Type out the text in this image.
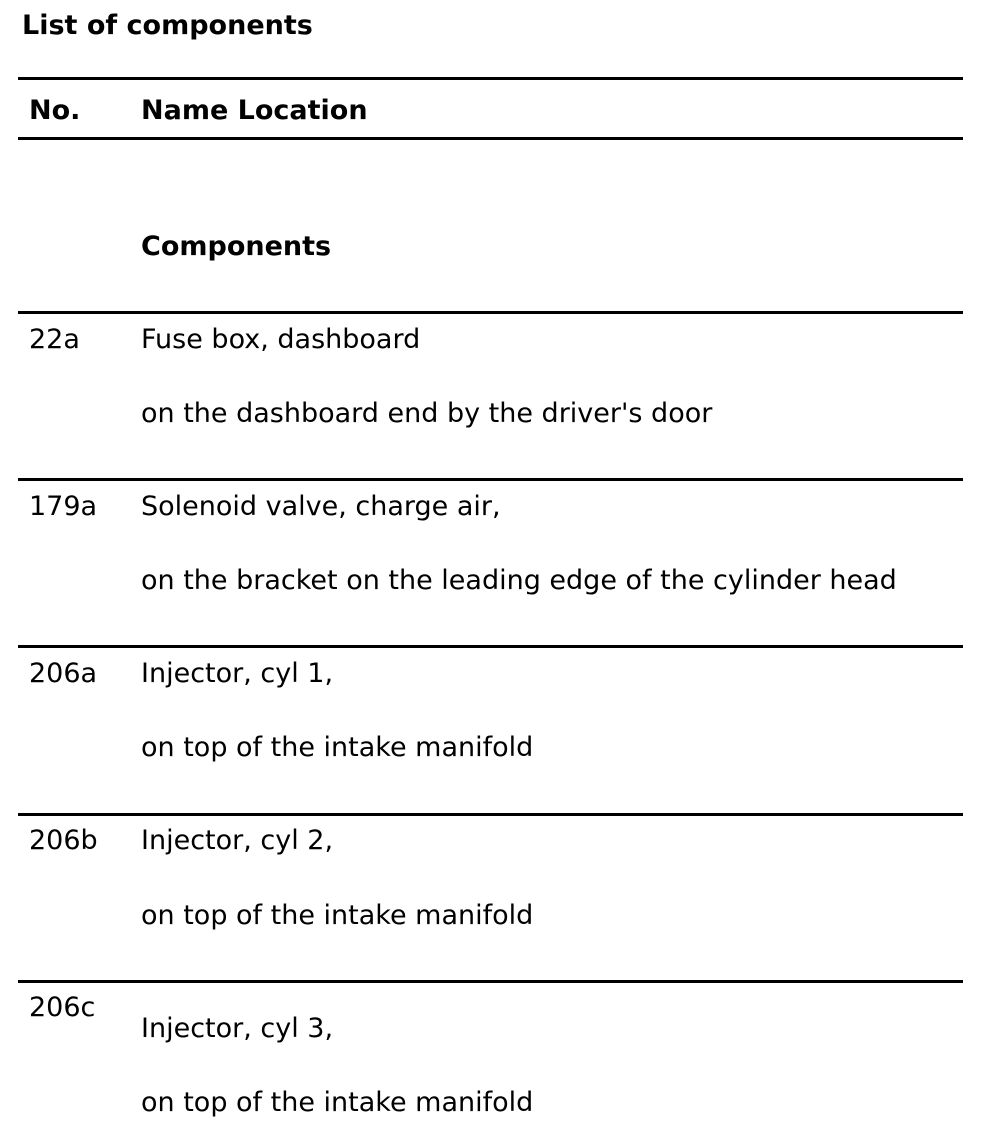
List of components
No. Name Location
Components
22a Fuse box, dashboard
on the dashboard end by the driver's door
179a Solenoid valve, charge air,
on the bracket on the leading edge of the cylinder head
206a Injector, cyl 1,
on top of the intake manifold
206b Injector, cyl 2,
on top of the intake manifold
206c
Injector, cyl 3,
on top of the intake manifold
